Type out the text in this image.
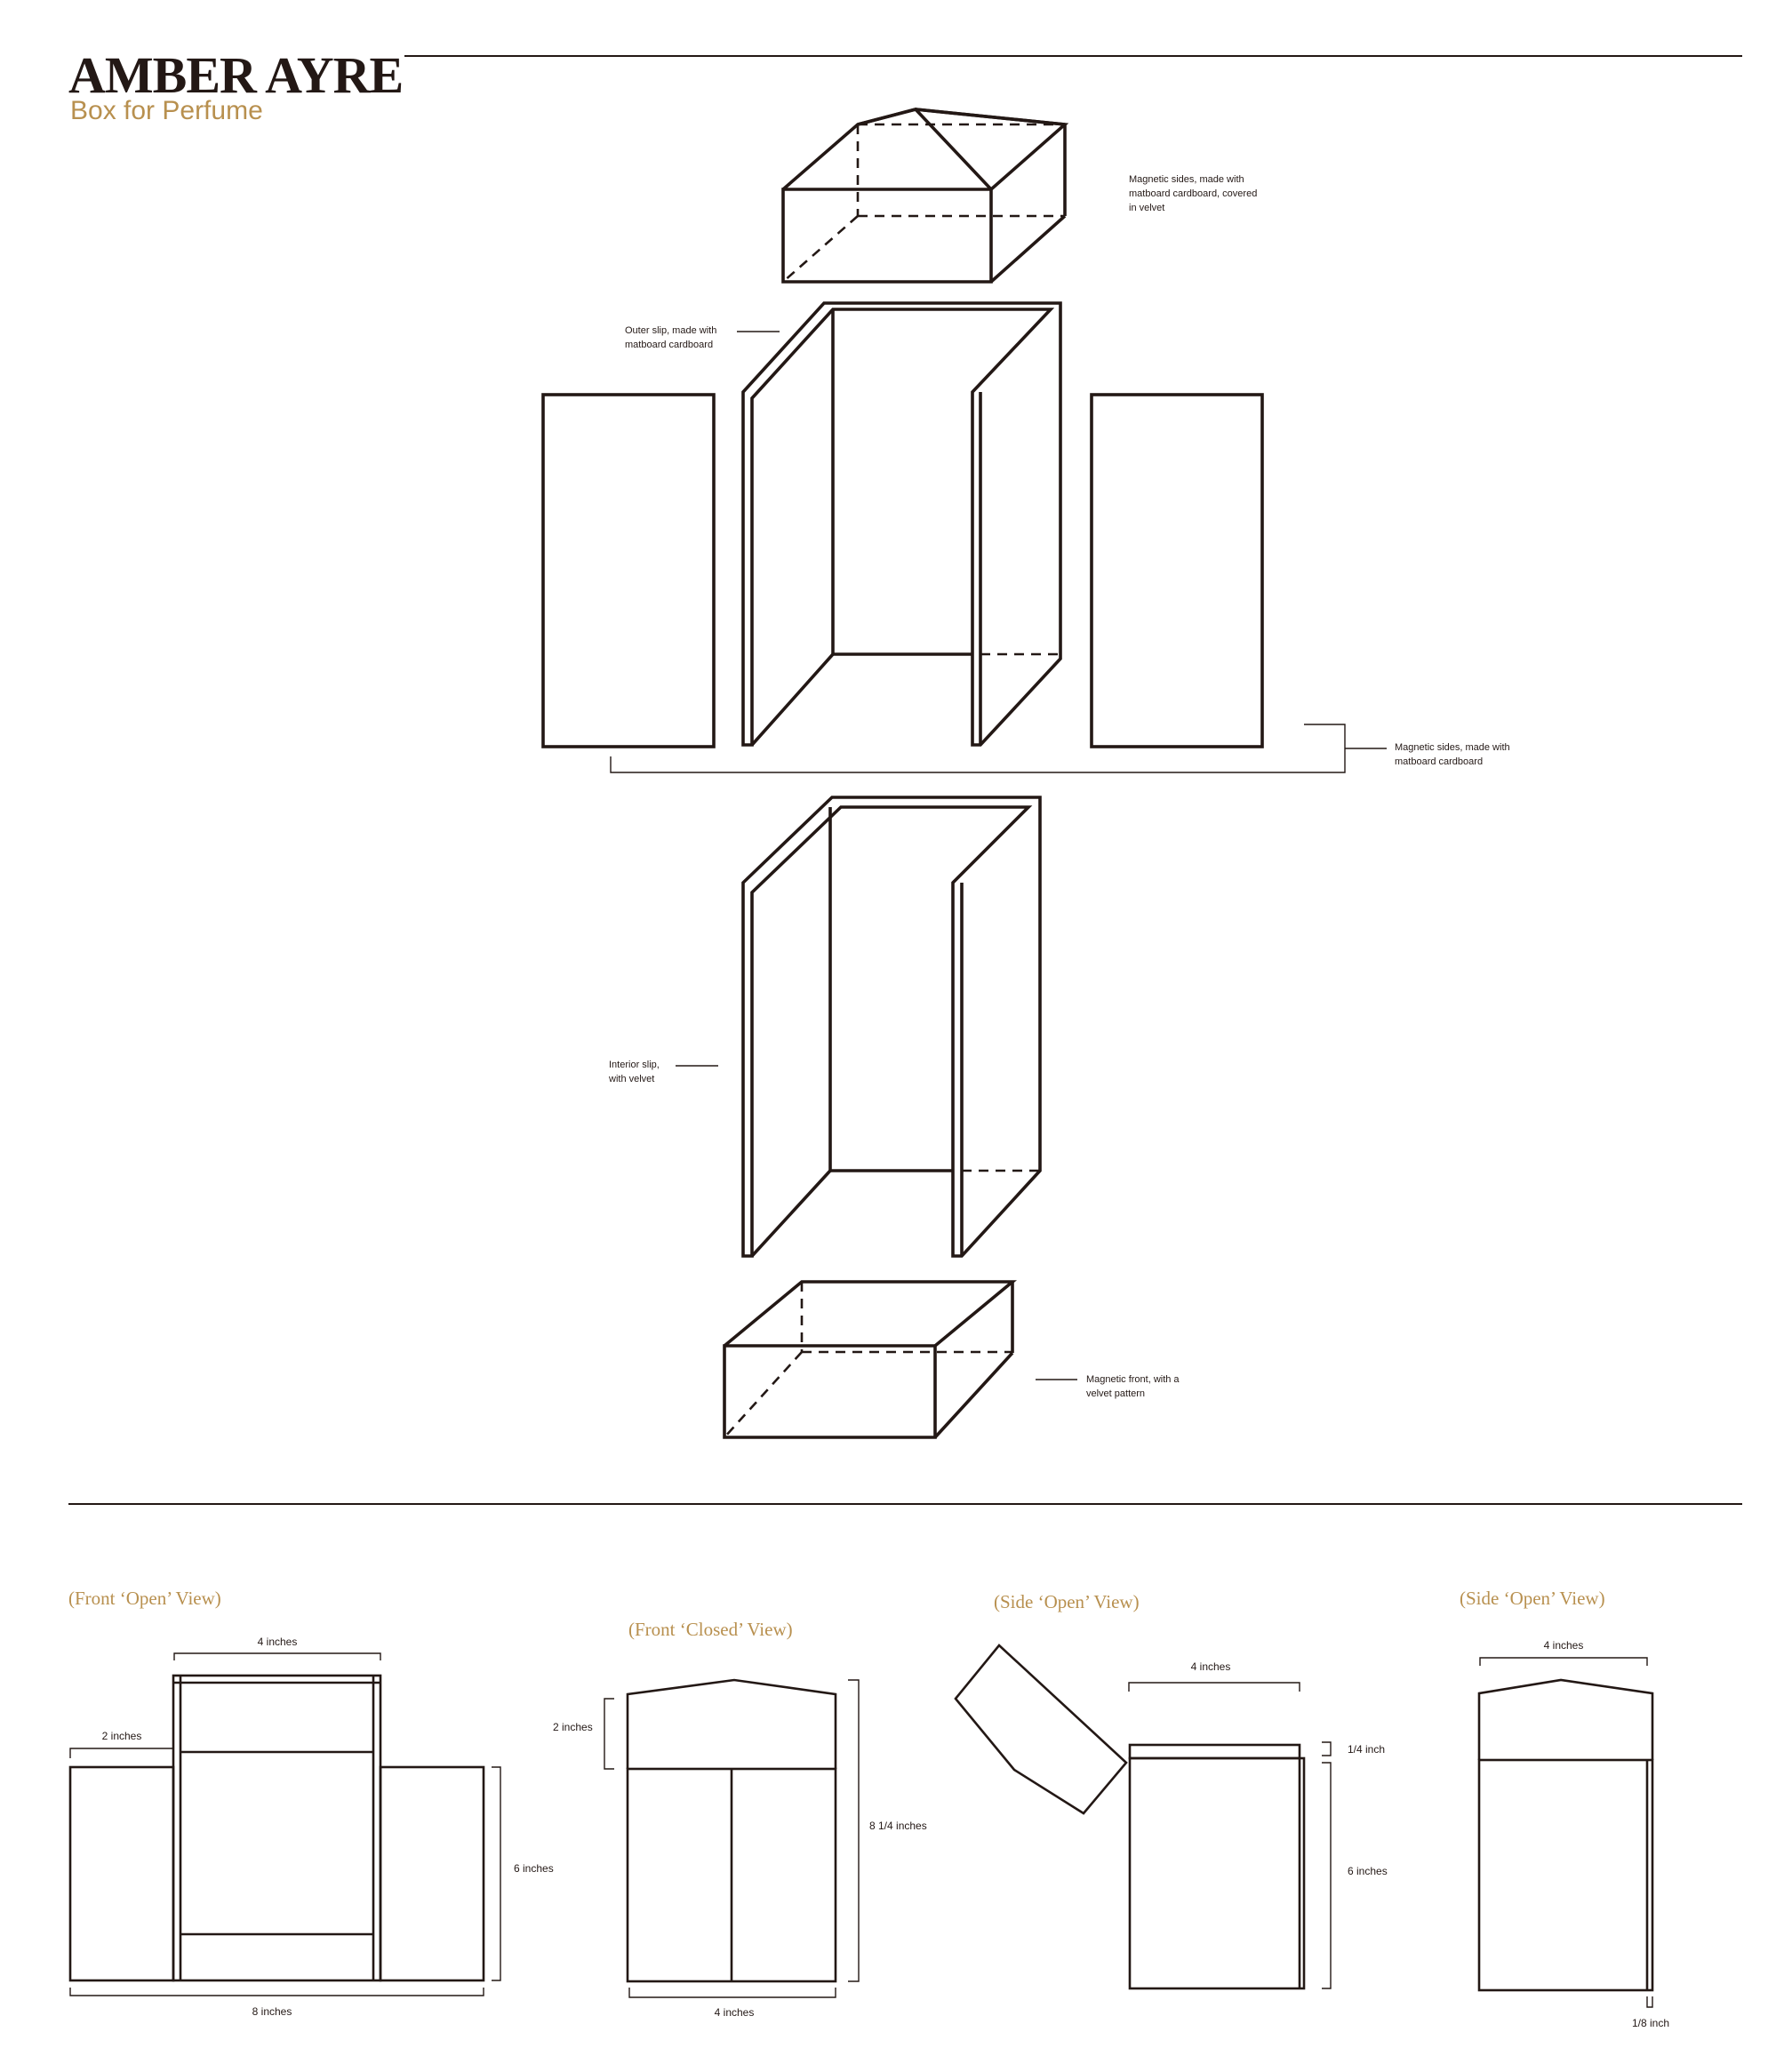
AMBER AYRE
Box for Perfume
Magnetic sides, made with
matboard cardboard, covered
in velvet
Outer slip, made with
matboard cardboard
Magnetic sides, made with
matboard cardboard
Interior slip,
with velvet
Magnetic front, with a
velvet pattern
(Front ‘Open’ View)
4 inches
2 inches
6 inches
8 inches
(Front ‘Closed’ View)
2 inches
8 1/4 inches
4 inches
(Side ‘Open’ View)
4 inches
1/4 inch
6 inches
(Side ‘Open’ View)
4 inches
1/8 inch
